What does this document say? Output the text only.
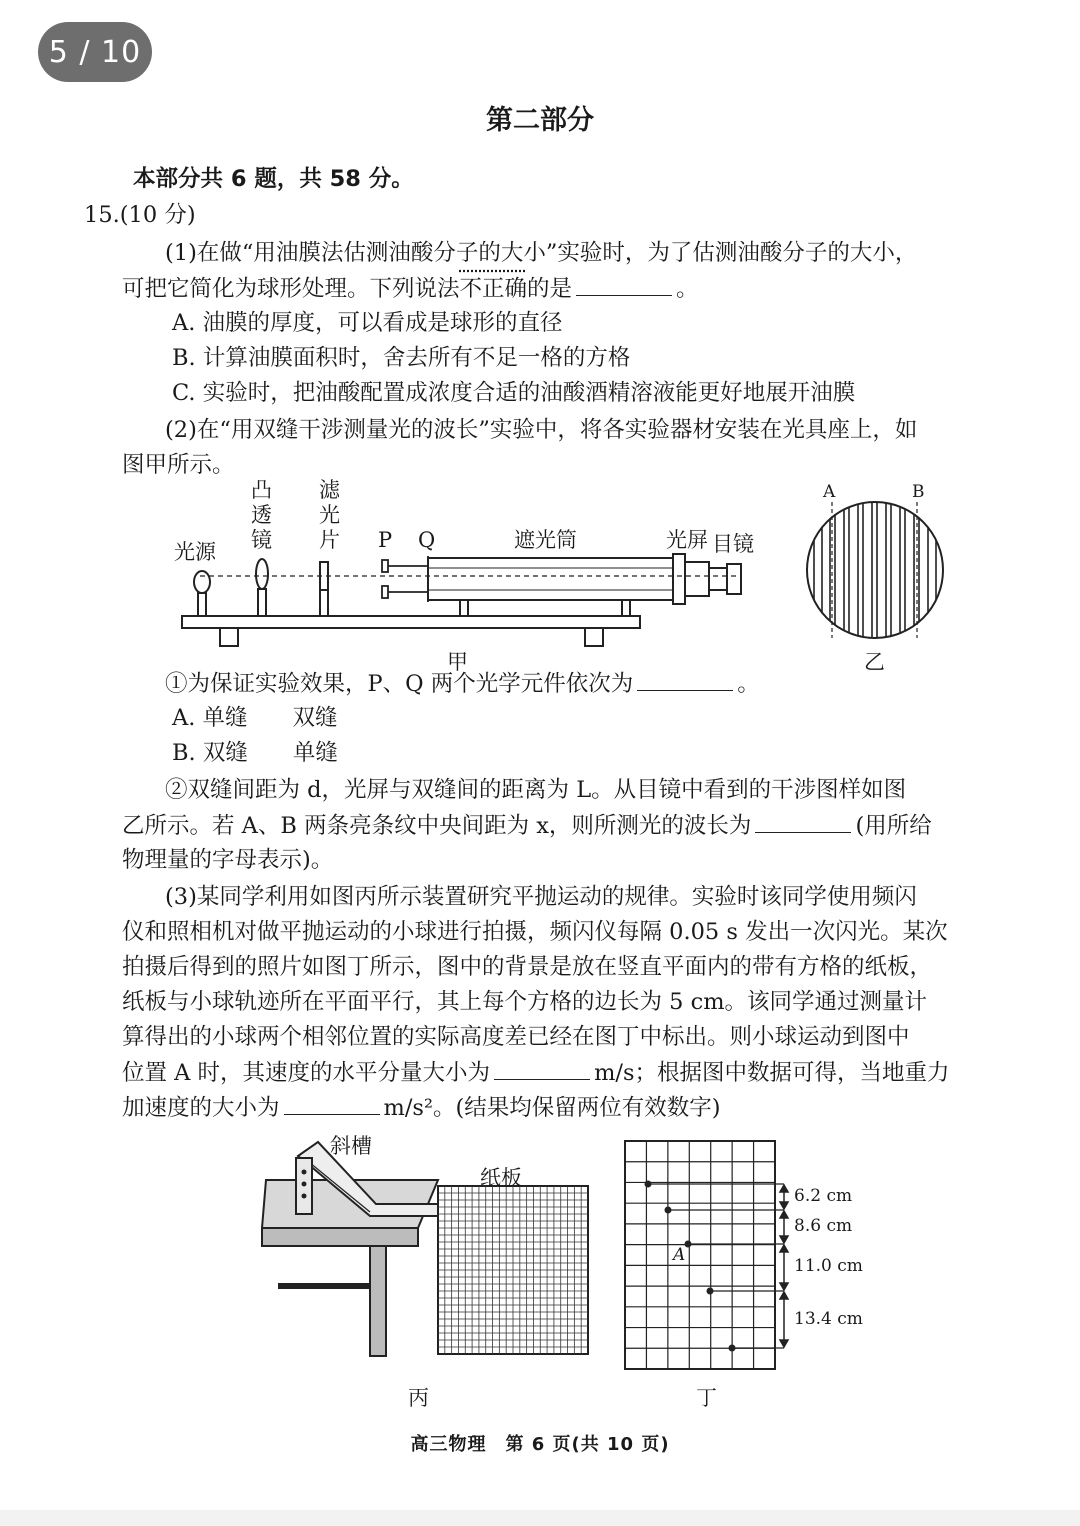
5 / 10
第二部分
本部分共 6 题，共 58 分。
15.(10 分)
(1)在做“用油膜法估测油酸分子的大小”实验时，为了估测油酸分子的大小，
可把它简化为球形处理。下列说法不正确的是	。
A. 油膜的厚度，可以看成是球形的直径
B. 计算油膜面积时，舍去所有不足一格的方格
C. 实验时，把油酸配置成浓度合适的油酸酒精溶液能更好地展开油膜
(2)在“用双缝干涉测量光的波长”实验中，将各实验器材安装在光具座上，如
图甲所示。
光源
凸
透
镜
滤
光
片 P Q	遮光筒	光屏 目镜
甲
A	B
乙
①为保证实验效果，P、Q 两个光学元件依次为	。
A. 单缝　　双缝
B. 双缝　　单缝
②双缝间距为 d，光屏与双缝间的距离为 L。从目镜中看到的干涉图样如图
乙所示。若 A、B 两条亮条纹中央间距为 x，则所测光的波长为	(用所给
物理量的字母表示)。
(3)某同学利用如图丙所示装置研究平抛运动的规律。实验时该同学使用频闪
仪和照相机对做平抛运动的小球进行拍摄，频闪仪每隔 0.05 s 发出一次闪光。某次
拍摄后得到的照片如图丁所示，图中的背景是放在竖直平面内的带有方格的纸板，
纸板与小球轨迹所在平面平行，其上每个方格的边长为 5 cm。该同学通过测量计
算得出的小球两个相邻位置的实际高度差已经在图丁中标出。则小球运动到图中
位置 A 时，其速度的水平分量大小为	m/s；根据图中数据可得，当地重力
加速度的大小为	m/s²。(结果均保留两位有效数字)
斜槽
纸板
丙
A
6.2 cm
8.6 cm
11.0 cm
13.4 cm
丁
高三物理　第 6 页(共 10 页)
